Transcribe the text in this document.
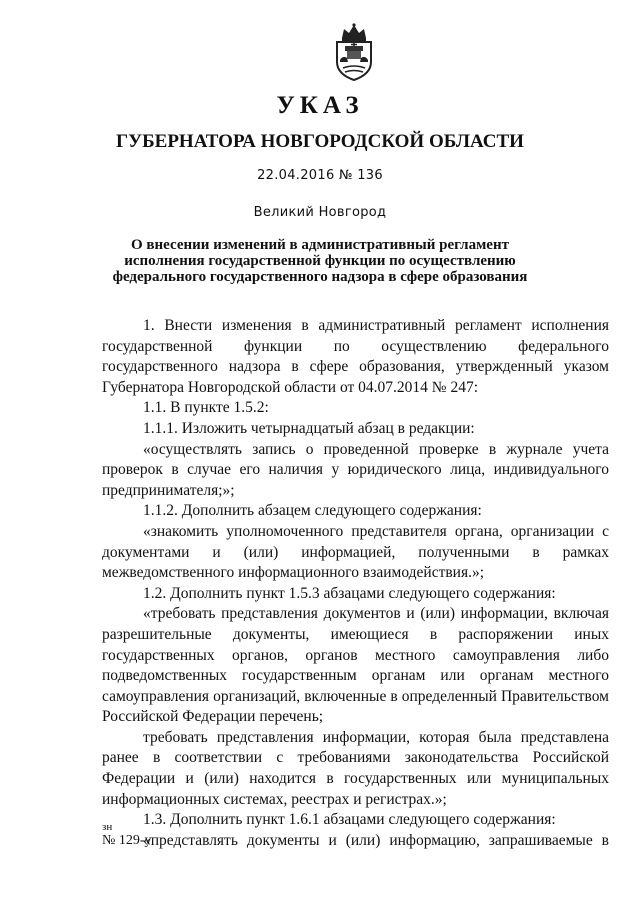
УКАЗ
ГУБЕРНАТОРА НОВГОРОДСКОЙ ОБЛАСТИ
22.04.2016 № 136
Великий Новгород
О внесении изменений в административный регламент
исполнения государственной функции по осуществлению
федерального государственного надзора в сфере образования

1. Внести изменения в административный регламент исполнения государственной функции по осуществлению федерального государственного надзора в сфере образования, утвержденный указом Губернатора Новгородской области от 04.07.2014 № 247:

1.1. В пункте 1.5.2:

1.1.1. Изложить четырнадцатый абзац в редакции:

«осуществлять запись о проведенной проверке в журнале учета проверок в случае его наличия у юридического лица, индивидуального предпринимателя;»;

1.1.2. Дополнить абзацем следующего содержания:

«знакомить уполномоченного представителя органа, организации с документами и (или) информацией, полученными в рамках межведомственного информационного взаимодействия.»;

1.2. Дополнить пункт 1.5.3 абзацами следующего содержания:

«требовать представления документов и (или) информации, включая разрешительные документы, имеющиеся в распоряжении иных государственных органов, органов местного самоуправления либо подведомственных государственным органам или органам местного самоуправления организаций, включенные в определенный Правительством Российской Федерации перечень;

требовать представления информации, которая была представлена ранее в соответствии с требованиями законодательства Российской Федерации и (или) находится в государственных или муниципальных информационных системах, реестрах и регистрах.»;

1.3. Дополнить пункт 1.6.1 абзацами следующего содержания:

«представлять документы и (или) информацию, запрашиваемые в

зн
№ 129-у
